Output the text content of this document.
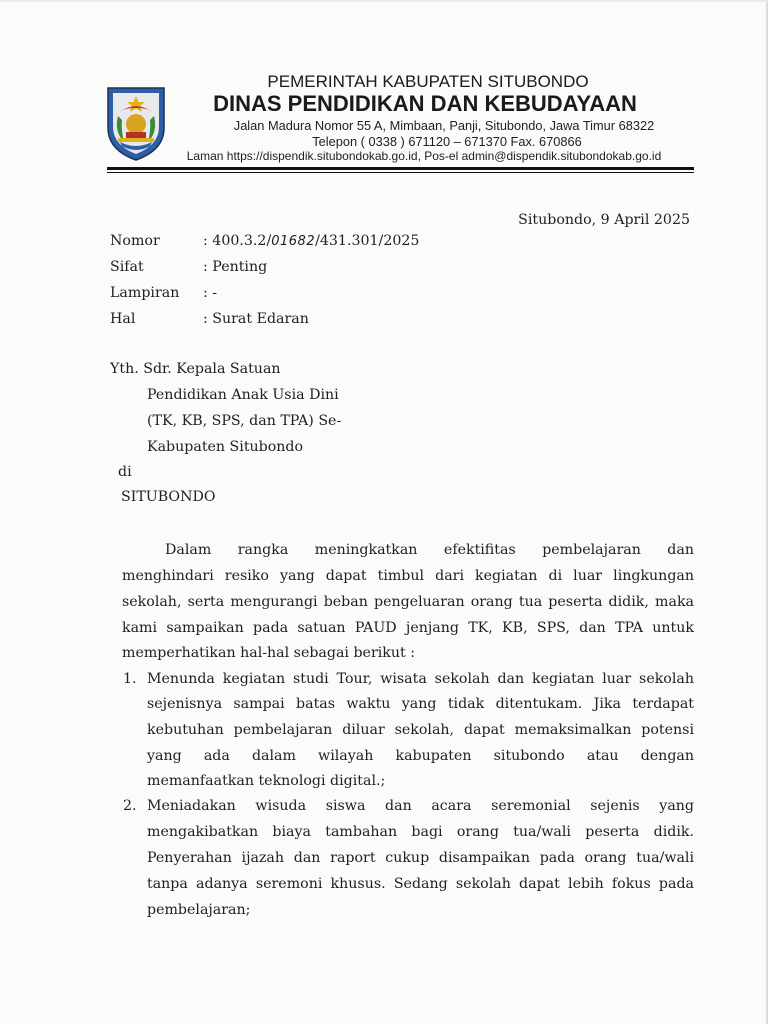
PEMERINTAH KABUPATEN SITUBONDO
DINAS PENDIDIKAN DAN KEBUDAYAAN
Jalan Madura Nomor 55 A, Mimbaan, Panji, Situbondo, Jawa Timur 68322
Telepon ( 0338 ) 671120 – 671370 Fax. 670866
Laman https://dispendik.situbondokab.go.id, Pos-el admin@dispendik.situbondokab.go.id
Situbondo, 9 April 2025
Nomor	: 400.3.2/01682/431.301/2025
Sifat	: Penting
Lampiran : -
Hal	: Surat Edaran
Yth. Sdr. Kepala Satuan
Pendidikan Anak Usia Dini
(TK, KB, SPS, dan TPA) Se-
Kabupaten Situbondo
di
SITUBONDO
Dalam rangka meningkatkan efektifitas pembelajaran dan
menghindari resiko yang dapat timbul dari kegiatan di luar lingkungan
sekolah, serta mengurangi beban pengeluaran orang tua peserta didik, maka
kami sampaikan pada satuan PAUD jenjang TK, KB, SPS, dan TPA untuk
memperhatikan hal-hal sebagai berikut :
1. Menunda kegiatan studi Tour, wisata sekolah dan kegiatan luar sekolah
sejenisnya sampai batas waktu yang tidak ditentukam. Jika terdapat
kebutuhan pembelajaran diluar sekolah, dapat memaksimalkan potensi
yang ada dalam wilayah kabupaten situbondo atau dengan
memanfaatkan teknologi digital.;
2. Meniadakan wisuda siswa dan acara seremonial sejenis yang
mengakibatkan biaya tambahan bagi orang tua/wali peserta didik.
Penyerahan ijazah dan raport cukup disampaikan pada orang tua/wali
tanpa adanya seremoni khusus. Sedang sekolah dapat lebih fokus pada
pembelajaran;
